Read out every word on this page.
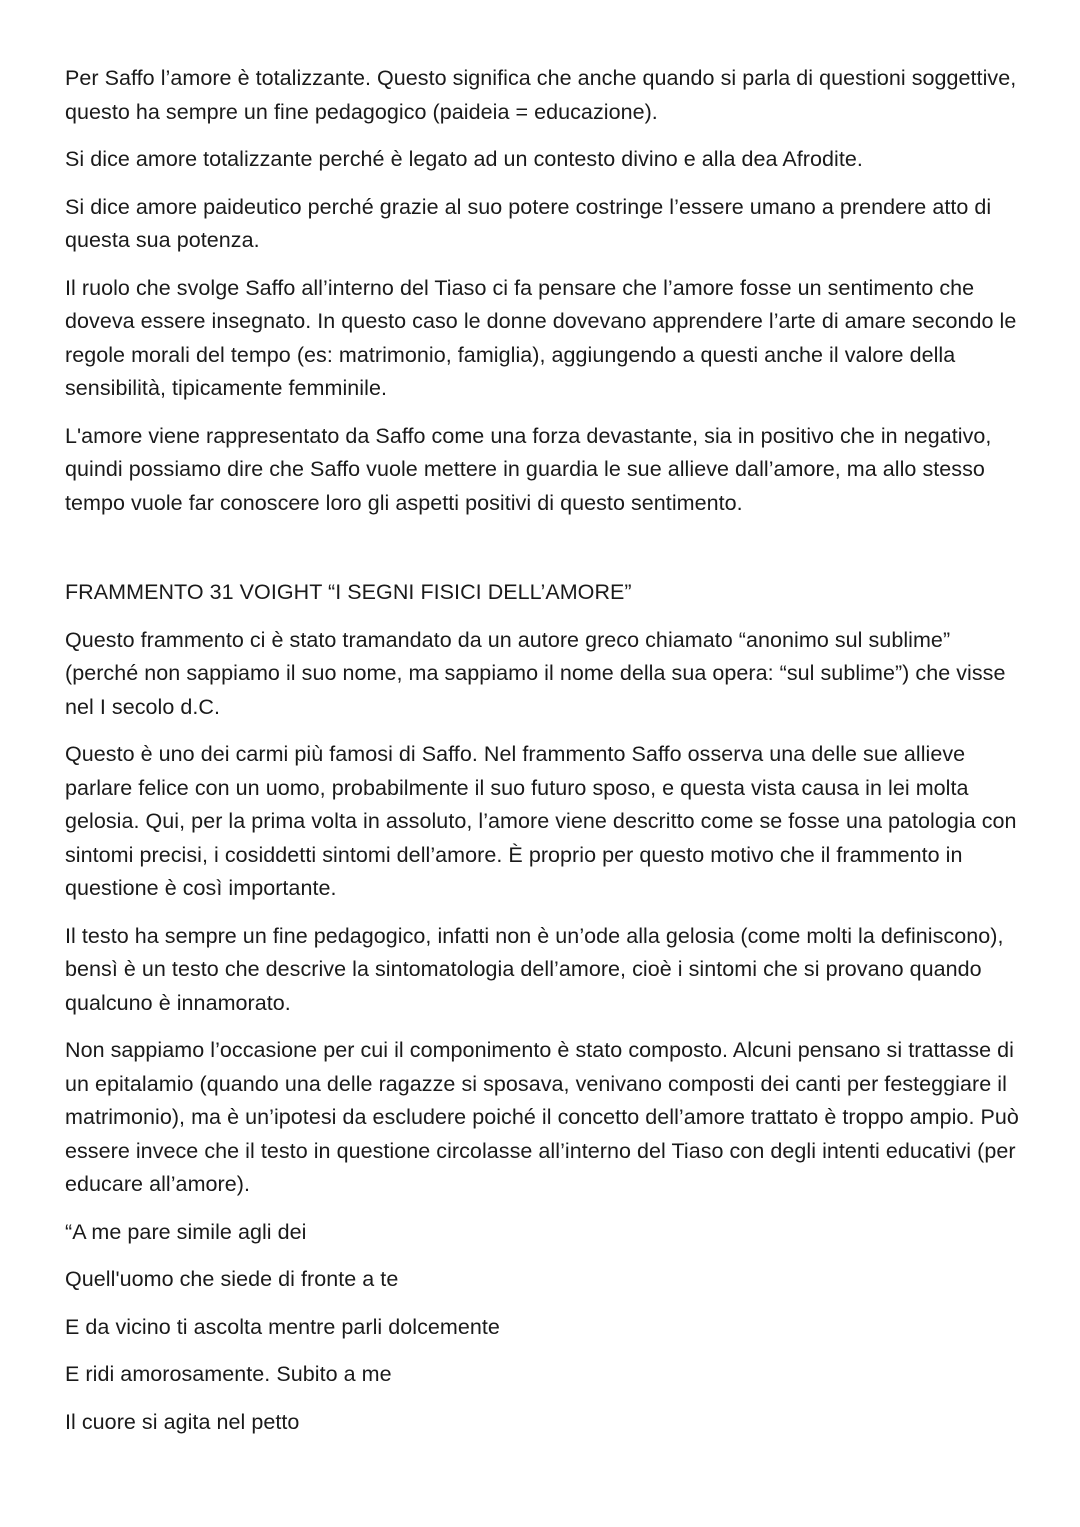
Per Saffo l’amore è totalizzante. Questo significa che anche quando si parla di questioni soggettive, questo ha sempre un fine pedagogico (paideia = educazione).

Si dice amore totalizzante perché è legato ad un contesto divino e alla dea Afrodite.

Si dice amore paideutico perché grazie al suo potere costringe l’essere umano a prendere atto di questa sua potenza.

Il ruolo che svolge Saffo all’interno del Tiaso ci fa pensare che l’amore fosse un sentimento che doveva essere insegnato. In questo caso le donne dovevano apprendere l’arte di amare secondo le regole morali del tempo (es: matrimonio, famiglia), aggiungendo a questi anche il valore della sensibilità, tipicamente femminile.

L'amore viene rappresentato da Saffo come una forza devastante, sia in positivo che in negativo, quindi possiamo dire che Saffo vuole mettere in guardia le sue allieve dall’amore, ma allo stesso tempo vuole far conoscere loro gli aspetti positivi di questo sentimento.

FRAMMENTO 31 VOIGHT “I SEGNI FISICI DELL’AMORE”

Questo frammento ci è stato tramandato da un autore greco chiamato “anonimo sul sublime” (perché non sappiamo il suo nome, ma sappiamo il nome della sua opera: “sul sublime”) che visse nel I secolo d.C.

Questo è uno dei carmi più famosi di Saffo. Nel frammento Saffo osserva una delle sue allieve parlare felice con un uomo, probabilmente il suo futuro sposo, e questa vista causa in lei molta gelosia. Qui, per la prima volta in assoluto, l’amore viene descritto come se fosse una patologia con sintomi precisi, i cosiddetti sintomi dell’amore. È proprio per questo motivo che il frammento in questione è così importante.

Il testo ha sempre un fine pedagogico, infatti non è un’ode alla gelosia (come molti la definiscono), bensì è un testo che descrive la sintomatologia dell’amore, cioè i sintomi che si provano quando qualcuno è innamorato.

Non sappiamo l’occasione per cui il componimento è stato composto. Alcuni pensano si trattasse di un epitalamio (quando una delle ragazze si sposava, venivano composti dei canti per festeggiare il matrimonio), ma è un’ipotesi da escludere poiché il concetto dell’amore trattato è troppo ampio. Può essere invece che il testo in questione circolasse all’interno del Tiaso con degli intenti educativi (per educare all’amore).

“A me pare simile agli dei

Quell'uomo che siede di fronte a te

E da vicino ti ascolta mentre parli dolcemente

E ridi amorosamente. Subito a me

Il cuore si agita nel petto
